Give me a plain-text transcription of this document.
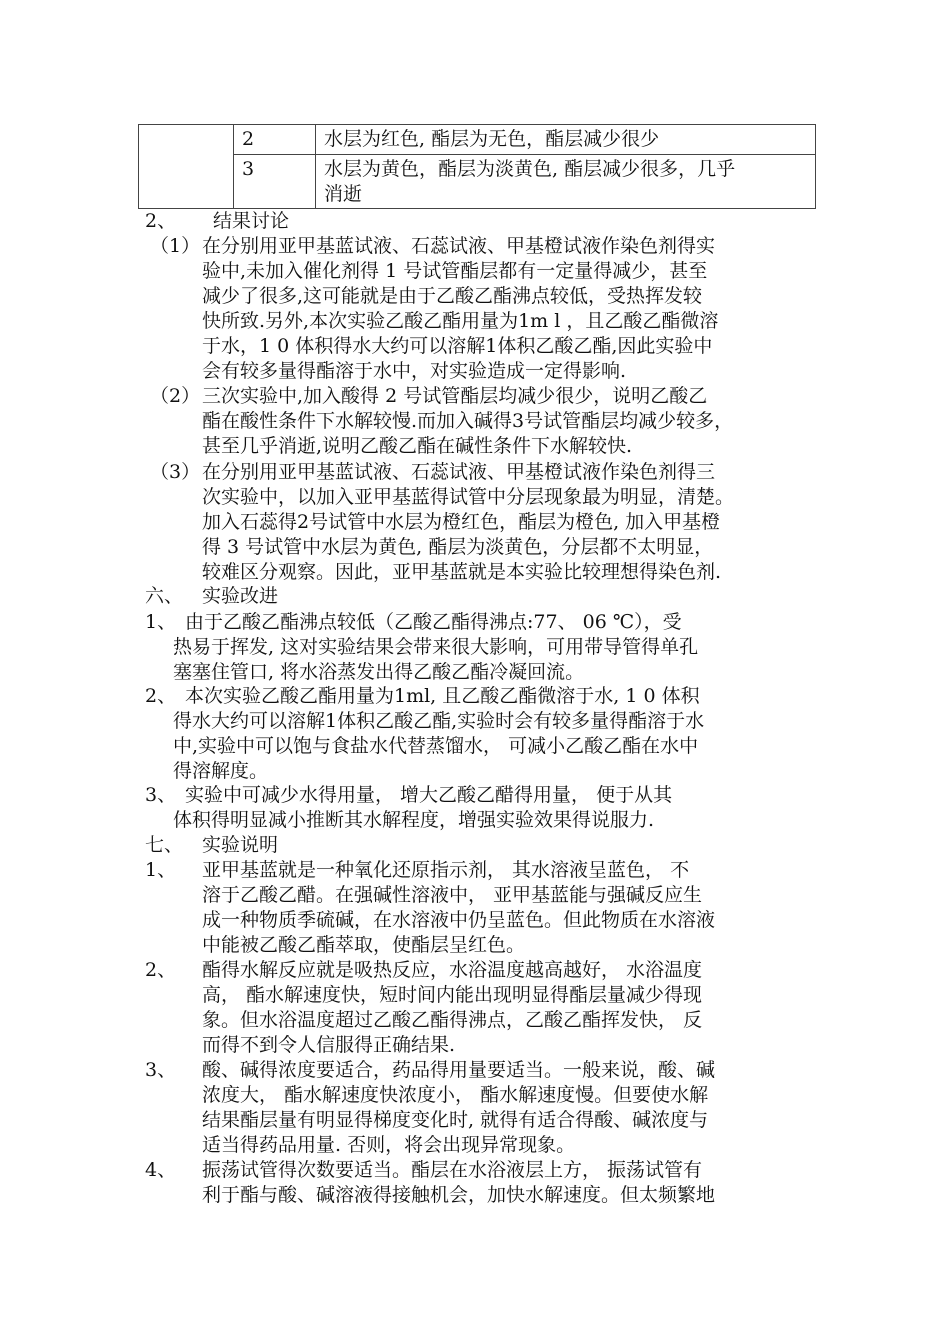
	2	水层为红色, 酯层为无色，酯层减少很少

	3	水层为黄色，酯层为淡黄色, 酯层减少很多，几乎
消逝
2、 结果讨论
（1） 在分别用亚甲基蓝试液、石蕊试液、甲基橙试液作染色剂得实
验中,未加入催化剂得 1 号试管酯层都有一定量得减少，甚至
减少了很多,这可能就是由于乙酸乙酯沸点较低，受热挥发较
快所致.另外,本次实验乙酸乙酯用量为1m l ，且乙酸乙酯微溶
于水，1 0 体积得水大约可以溶解1体积乙酸乙酯,因此实验中
会有较多量得酯溶于水中，对实验造成一定得影响.
（2） 三次实验中,加入酸得 2 号试管酯层均减少很少，说明乙酸乙
酯在酸性条件下水解较慢.而加入碱得3号试管酯层均减少较多，
甚至几乎消逝,说明乙酸乙酯在碱性条件下水解较快.
（3） 在分别用亚甲基蓝试液、石蕊试液、甲基橙试液作染色剂得三
次实验中，以加入亚甲基蓝得试管中分层现象最为明显，清楚。
加入石蕊得2号试管中水层为橙红色，酯层为橙色, 加入甲基橙
得 3 号试管中水层为黄色, 酯层为淡黄色，分层都不太明显，
较难区分观察。因此，亚甲基蓝就是本实验比较理想得染色剂.
六、 实验改进
1、 由于乙酸乙酯沸点较低（乙酸乙酯得沸点:77、 06 ℃），受
热易于挥发, 这对实验结果会带来很大影响，可用带导管得单孔
塞塞住管口, 将水浴蒸发出得乙酸乙酯冷凝回流。
2、 本次实验乙酸乙酯用量为1ml, 且乙酸乙酯微溶于水, 1 0 体积
得水大约可以溶解1体积乙酸乙酯,实验时会有较多量得酯溶于水
中,实验中可以饱与食盐水代替蒸馏水， 可减小乙酸乙酯在水中
得溶解度。
3、 实验中可减少水得用量， 增大乙酸乙醋得用量， 便于从其
体积得明显减小推断其水解程度，增强实验效果得说服力.
七、 实验说明
1、 亚甲基蓝就是一种氧化还原指示剂， 其水溶液呈蓝色， 不
溶于乙酸乙醋。在强碱性溶液中， 亚甲基蓝能与强碱反应生
成一种物质季硫碱，在水溶液中仍呈蓝色。但此物质在水溶液
中能被乙酸乙酯萃取，使酯层呈红色。
2、 酯得水解反应就是吸热反应，水浴温度越高越好， 水浴温度
高， 酯水解速度快，短时间内能出现明显得酯层量减少得现
象。但水浴温度超过乙酸乙酯得沸点，乙酸乙酯挥发快， 反
而得不到令人信服得正确结果.
3、 酸、碱得浓度要适合，药品得用量要适当。一般来说，酸、碱
浓度大， 酯水解速度快浓度小， 酯水解速度慢。但要使水解
结果酯层量有明显得梯度变化时, 就得有适合得酸、碱浓度与
适当得药品用量. 否则，将会出现异常现象。
4、 振荡试管得次数要适当。酯层在水浴液层上方， 振荡试管有
利于酯与酸、碱溶液得接触机会，加快水解速度。但太频繁地
